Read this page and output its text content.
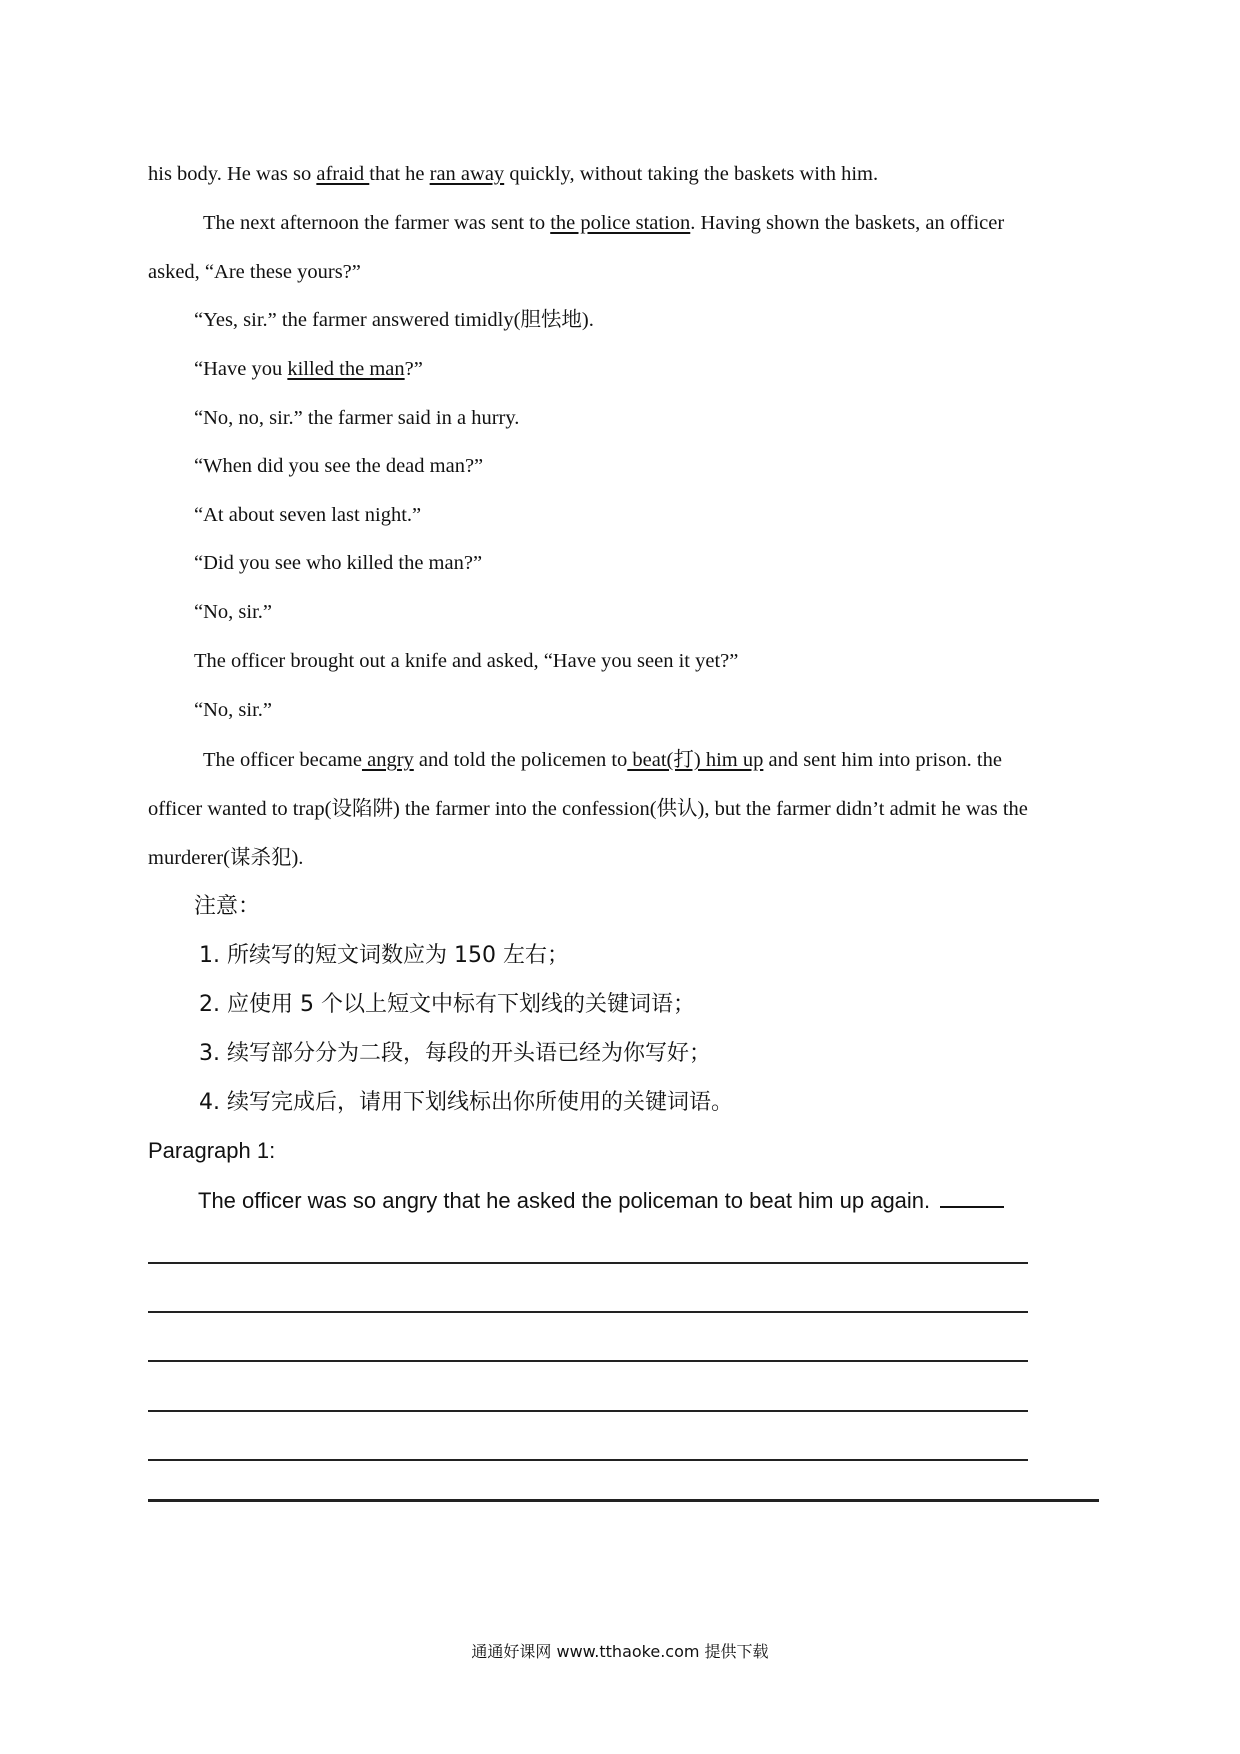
his body. He was so afraid that he ran away quickly, without taking the baskets with him.
The next afternoon the farmer was sent to the police station. Having shown the baskets, an officer
asked, “Are these yours?”
“Yes, sir.” the farmer answered timidly(胆怯地).
“Have you killed the man?”
“No, no, sir.” the farmer said in a hurry.
“When did you see the dead man?”
“At about seven last night.”
“Did you see who killed the man?”
“No, sir.”
The officer brought out a knife and asked, “Have you seen it yet?”
“No, sir.”
The officer became angry and told the policemen to beat(打) him up and sent him into prison. the
officer wanted to trap(设陷阱) the farmer into the confession(供认), but the farmer didn’t admit he was the
murderer(谋杀犯).
注意：
1. 所续写的短文词数应为 150 左右；
2. 应使用 5 个以上短文中标有下划线的关键词语；
3. 续写部分分为二段，每段的开头语已经为你写好；
4. 续写完成后，请用下划线标出你所使用的关键词语。
Paragraph 1:
The officer was so angry that he asked the policeman to beat him up again.
通通好课网 www.tthaoke.com 提供下载
